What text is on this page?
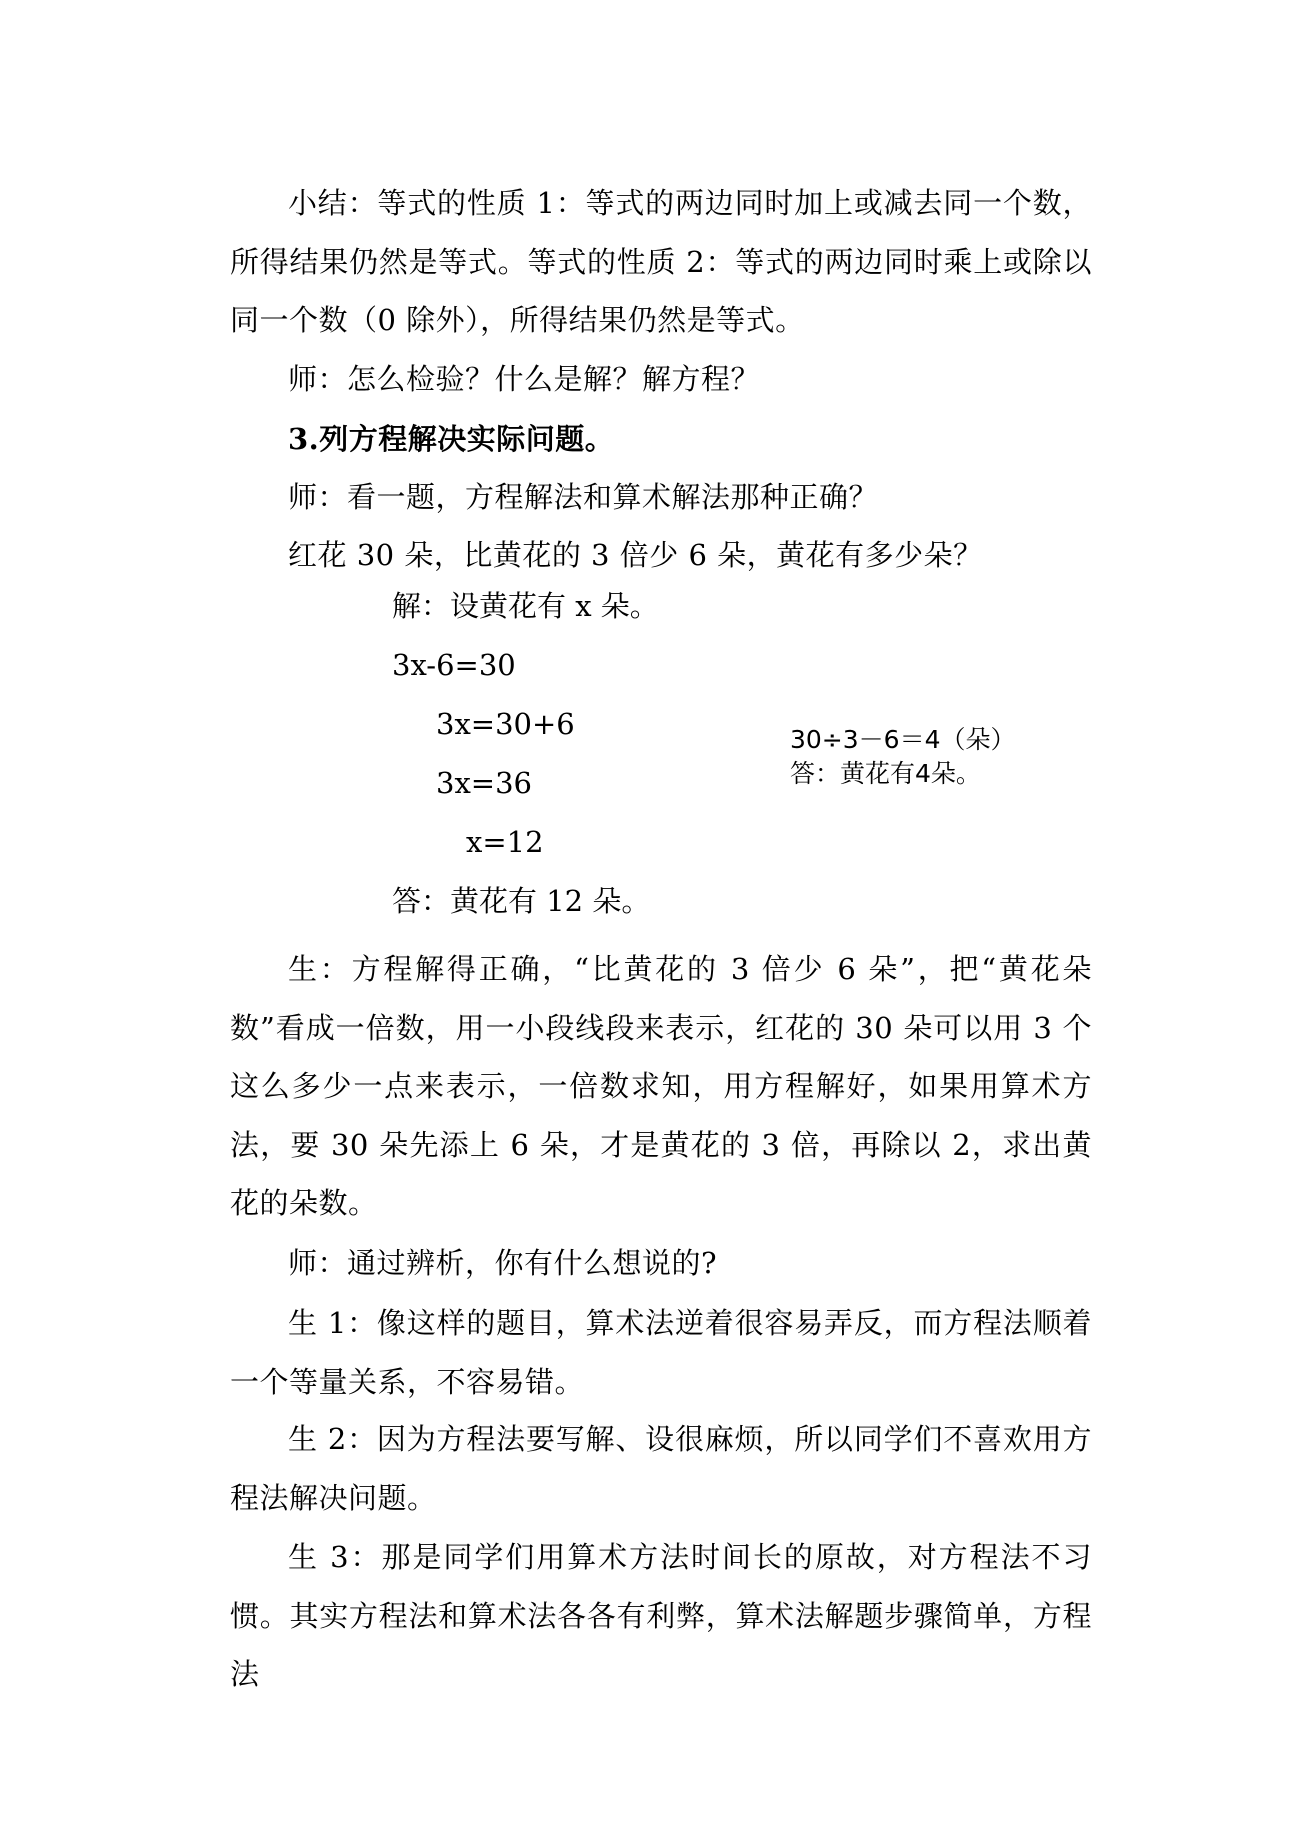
小结：等式的性质 1：等式的两边同时加上或减去同一个数，所得结果仍然是等式。等式的性质 2：等式的两边同时乘上或除以同一个数（0 除外），所得结果仍然是等式。

师：怎么检验？什么是解？解方程？

3.列方程解决实际问题。

师：看一题，方程解法和算术解法那种正确？

红花 30 朵，比黄花的 3 倍少 6 朵，黄花有多少朵？

解：设黄花有 x 朵。

3x-6=30

3x=30+6

3x=36

x=12

答：黄花有 12 朵。

30÷3－6＝4（朵）

答：黄花有4朵。

生：方程解得正确，“比黄花的 3 倍少 6 朵”，把“黄花朵数”看成一倍数，用一小段线段来表示，红花的 30 朵可以用 3 个这么多少一点来表示，一倍数求知，用方程解好，如果用算术方法，要 30 朵先添上 6 朵，才是黄花的 3 倍，再除以 2，求出黄花的朵数。

师：通过辨析，你有什么想说的?

生 1：像这样的题目，算术法逆着很容易弄反，而方程法顺着一个等量关系，不容易错。

生 2：因为方程法要写解、设很麻烦，所以同学们不喜欢用方程法解决问题。

生 3：那是同学们用算术方法时间长的原故，对方程法不习惯。其实方程法和算术法各各有利弊，算术法解题步骤简单，方程法
